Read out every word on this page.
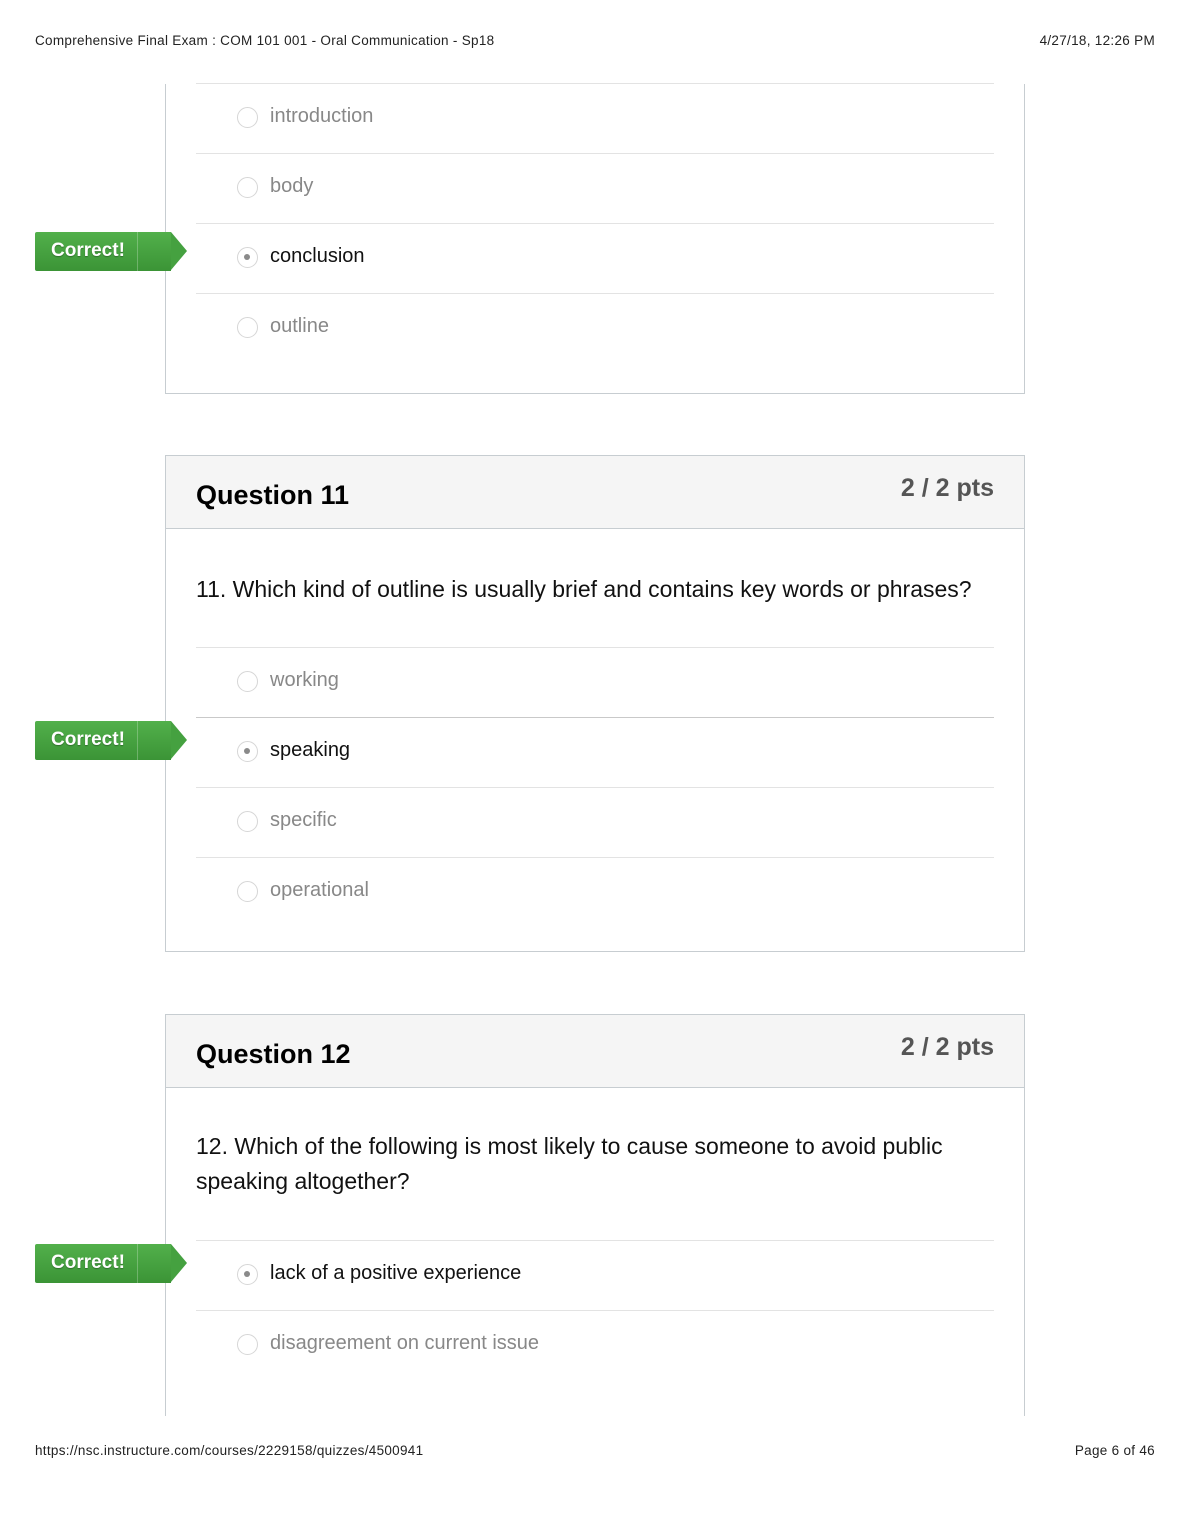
Comprehensive Final Exam : COM 101 001 - Oral Communication - Sp18	4/27/18, 12:26 PM
introduction
body
conclusion
outline
Correct!
Question 11	2 / 2 pts
11. Which kind of outline is usually brief and contains key words or phrases?
working
speaking
specific
operational
Correct!
Question 12	2 / 2 pts
12. Which of the following is most likely to cause someone to avoid public speaking altogether?
lack of a positive experience
disagreement on current issue
Correct!
https://nsc.instructure.com/courses/2229158/quizzes/4500941	Page 6 of 46
